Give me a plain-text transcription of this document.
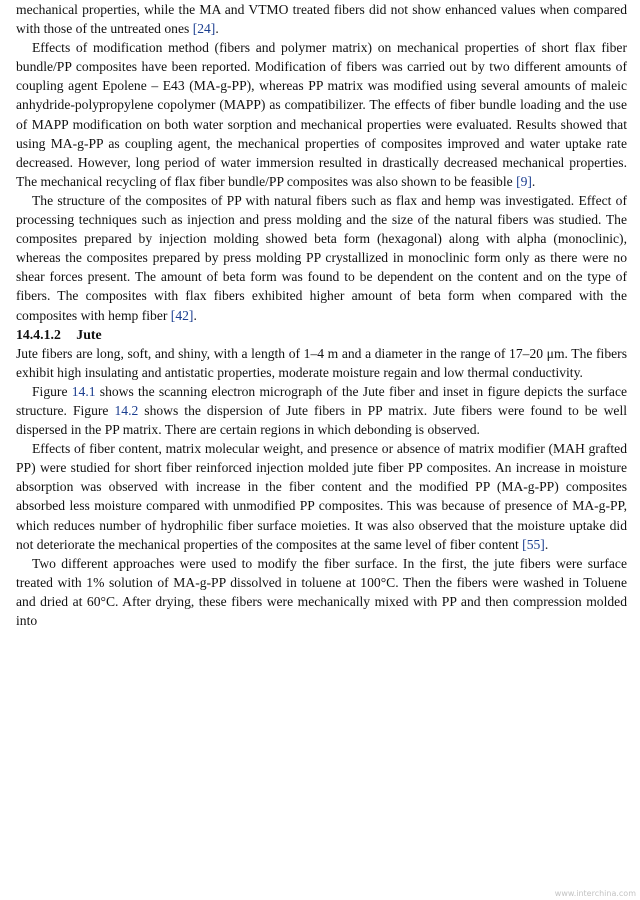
mechanical properties, while the MA and VTMO treated fibers did not show enhanced values when compared with those of the untreated ones [24].

Effects of modification method (fibers and polymer matrix) on mechanical properties of short flax fiber bundle/PP composites have been reported. Modification of fibers was carried out by two different amounts of coupling agent Epolene – E43 (MA-g-PP), whereas PP matrix was modified using several amounts of maleic anhydride-polypropylene copolymer (MAPP) as compatibilizer. The effects of fiber bundle loading and the use of MAPP modification on both water sorption and mechanical properties were evaluated. Results showed that using MA-g-PP as coupling agent, the mechanical properties of composites improved and water uptake rate decreased. However, long period of water immersion resulted in drastically decreased mechanical properties. The mechanical recycling of flax fiber bundle/PP composites was also shown to be feasible [9].

The structure of the composites of PP with natural fibers such as flax and hemp was investigated. Effect of processing techniques such as injection and press molding and the size of the natural fibers was studied. The composites prepared by injection molding showed beta form (hexagonal) along with alpha (monoclinic), whereas the composites prepared by press molding PP crystallized in monoclinic form only as there were no shear forces present. The amount of beta form was found to be dependent on the content and on the type of fibers. The composites with flax fibers exhibited higher amount of beta form when compared with the composites with hemp fiber [42].

14.4.1.2 Jute

Jute fibers are long, soft, and shiny, with a length of 1–4 m and a diameter in the range of 17–20 μm. The fibers exhibit high insulating and antistatic properties, moderate moisture regain and low thermal conductivity.

Figure 14.1 shows the scanning electron micrograph of the Jute fiber and inset in figure depicts the surface structure. Figure 14.2 shows the dispersion of Jute fibers in PP matrix. Jute fibers were found to be well dispersed in the PP matrix. There are certain regions in which debonding is observed.

Effects of fiber content, matrix molecular weight, and presence or absence of matrix modifier (MAH grafted PP) were studied for short fiber reinforced injection molded jute fiber PP composites. An increase in moisture absorption was observed with increase in the fiber content and the modified PP (MA-g-PP) composites absorbed less moisture compared with unmodified PP composites. This was because of presence of MA-g-PP, which reduces number of hydrophilic fiber surface moieties. It was also observed that the moisture uptake did not deteriorate the mechanical properties of the composites at the same level of fiber content [55].

Two different approaches were used to modify the fiber surface. In the first, the jute fibers were surface treated with 1% solution of MA-g-PP dissolved in toluene at 100°C. Then the fibers were washed in Toluene and dried at 60°C. After drying, these fibers were mechanically mixed with PP and then compression molded into

www.interchina.com
